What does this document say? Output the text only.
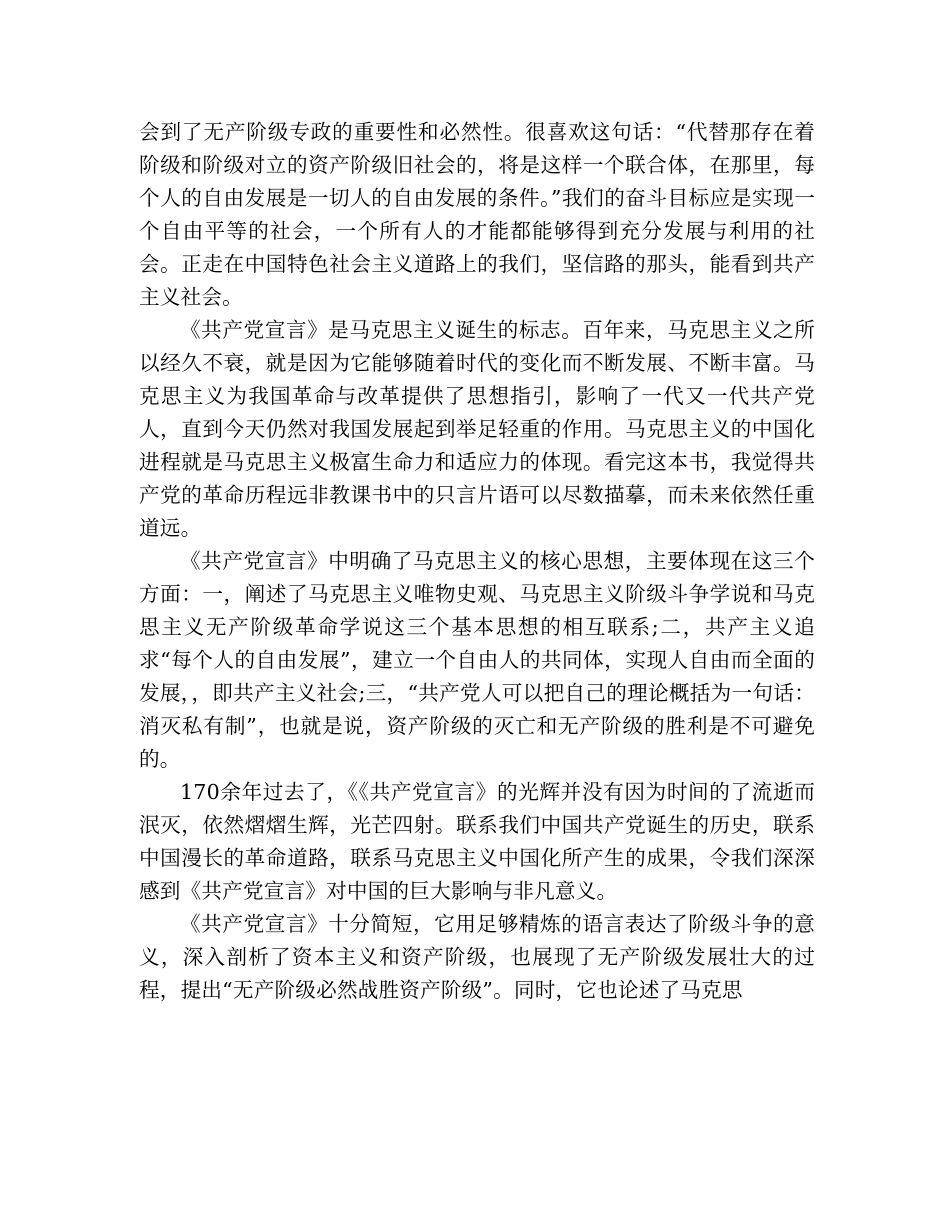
会到了无产阶级专政的重要性和必然性。很喜欢这句话：“代替那存在着阶级和阶级对立的资产阶级旧社会的，将是这样一个联合体，在那里，每个人的自由发展是一切人的自由发展的条件。”我们的奋斗目标应是实现一个自由平等的社会，一个所有人的才能都能够得到充分发展与利用的社会。正走在中国特色社会主义道路上的我们，坚信路的那头，能看到共产主义社会。

《共产党宣言》是马克思主义诞生的标志。百年来，马克思主义之所以经久不衰，就是因为它能够随着时代的变化而不断发展、不断丰富。马克思主义为我国革命与改革提供了思想指引，影响了一代又一代共产党人，直到今天仍然对我国发展起到举足轻重的作用。马克思主义的中国化进程就是马克思主义极富生命力和适应力的体现。看完这本书，我觉得共产党的革命历程远非教课书中的只言片语可以尽数描摹，而未来依然任重道远。

《共产党宣言》中明确了马克思主义的核心思想，主要体现在这三个方面：一，阐述了马克思主义唯物史观、马克思主义阶级斗争学说和马克思主义无产阶级革命学说这三个基本思想的相互联系;二，共产主义追求“每个人的自由发展”，建立一个自由人的共同体，实现人自由而全面的发展，，即共产主义社会;三，“共产党人可以把自己的理论概括为一句话：消灭私有制”，也就是说，资产阶级的灭亡和无产阶级的胜利是不可避免的。

170余年过去了，《《共产党宣言》的光辉并没有因为时间的了流逝而泯灭，依然熠熠生辉，光芒四射。联系我们中国共产党诞生的历史，联系中国漫长的革命道路，联系马克思主义中国化所产生的成果，令我们深深感到《共产党宣言》对中国的巨大影响与非凡意义。

《共产党宣言》十分简短，它用足够精炼的语言表达了阶级斗争的意义，深入剖析了资本主义和资产阶级，也展现了无产阶级发展壮大的过程，提出“无产阶级必然战胜资产阶级”。同时，它也论述了马克思
